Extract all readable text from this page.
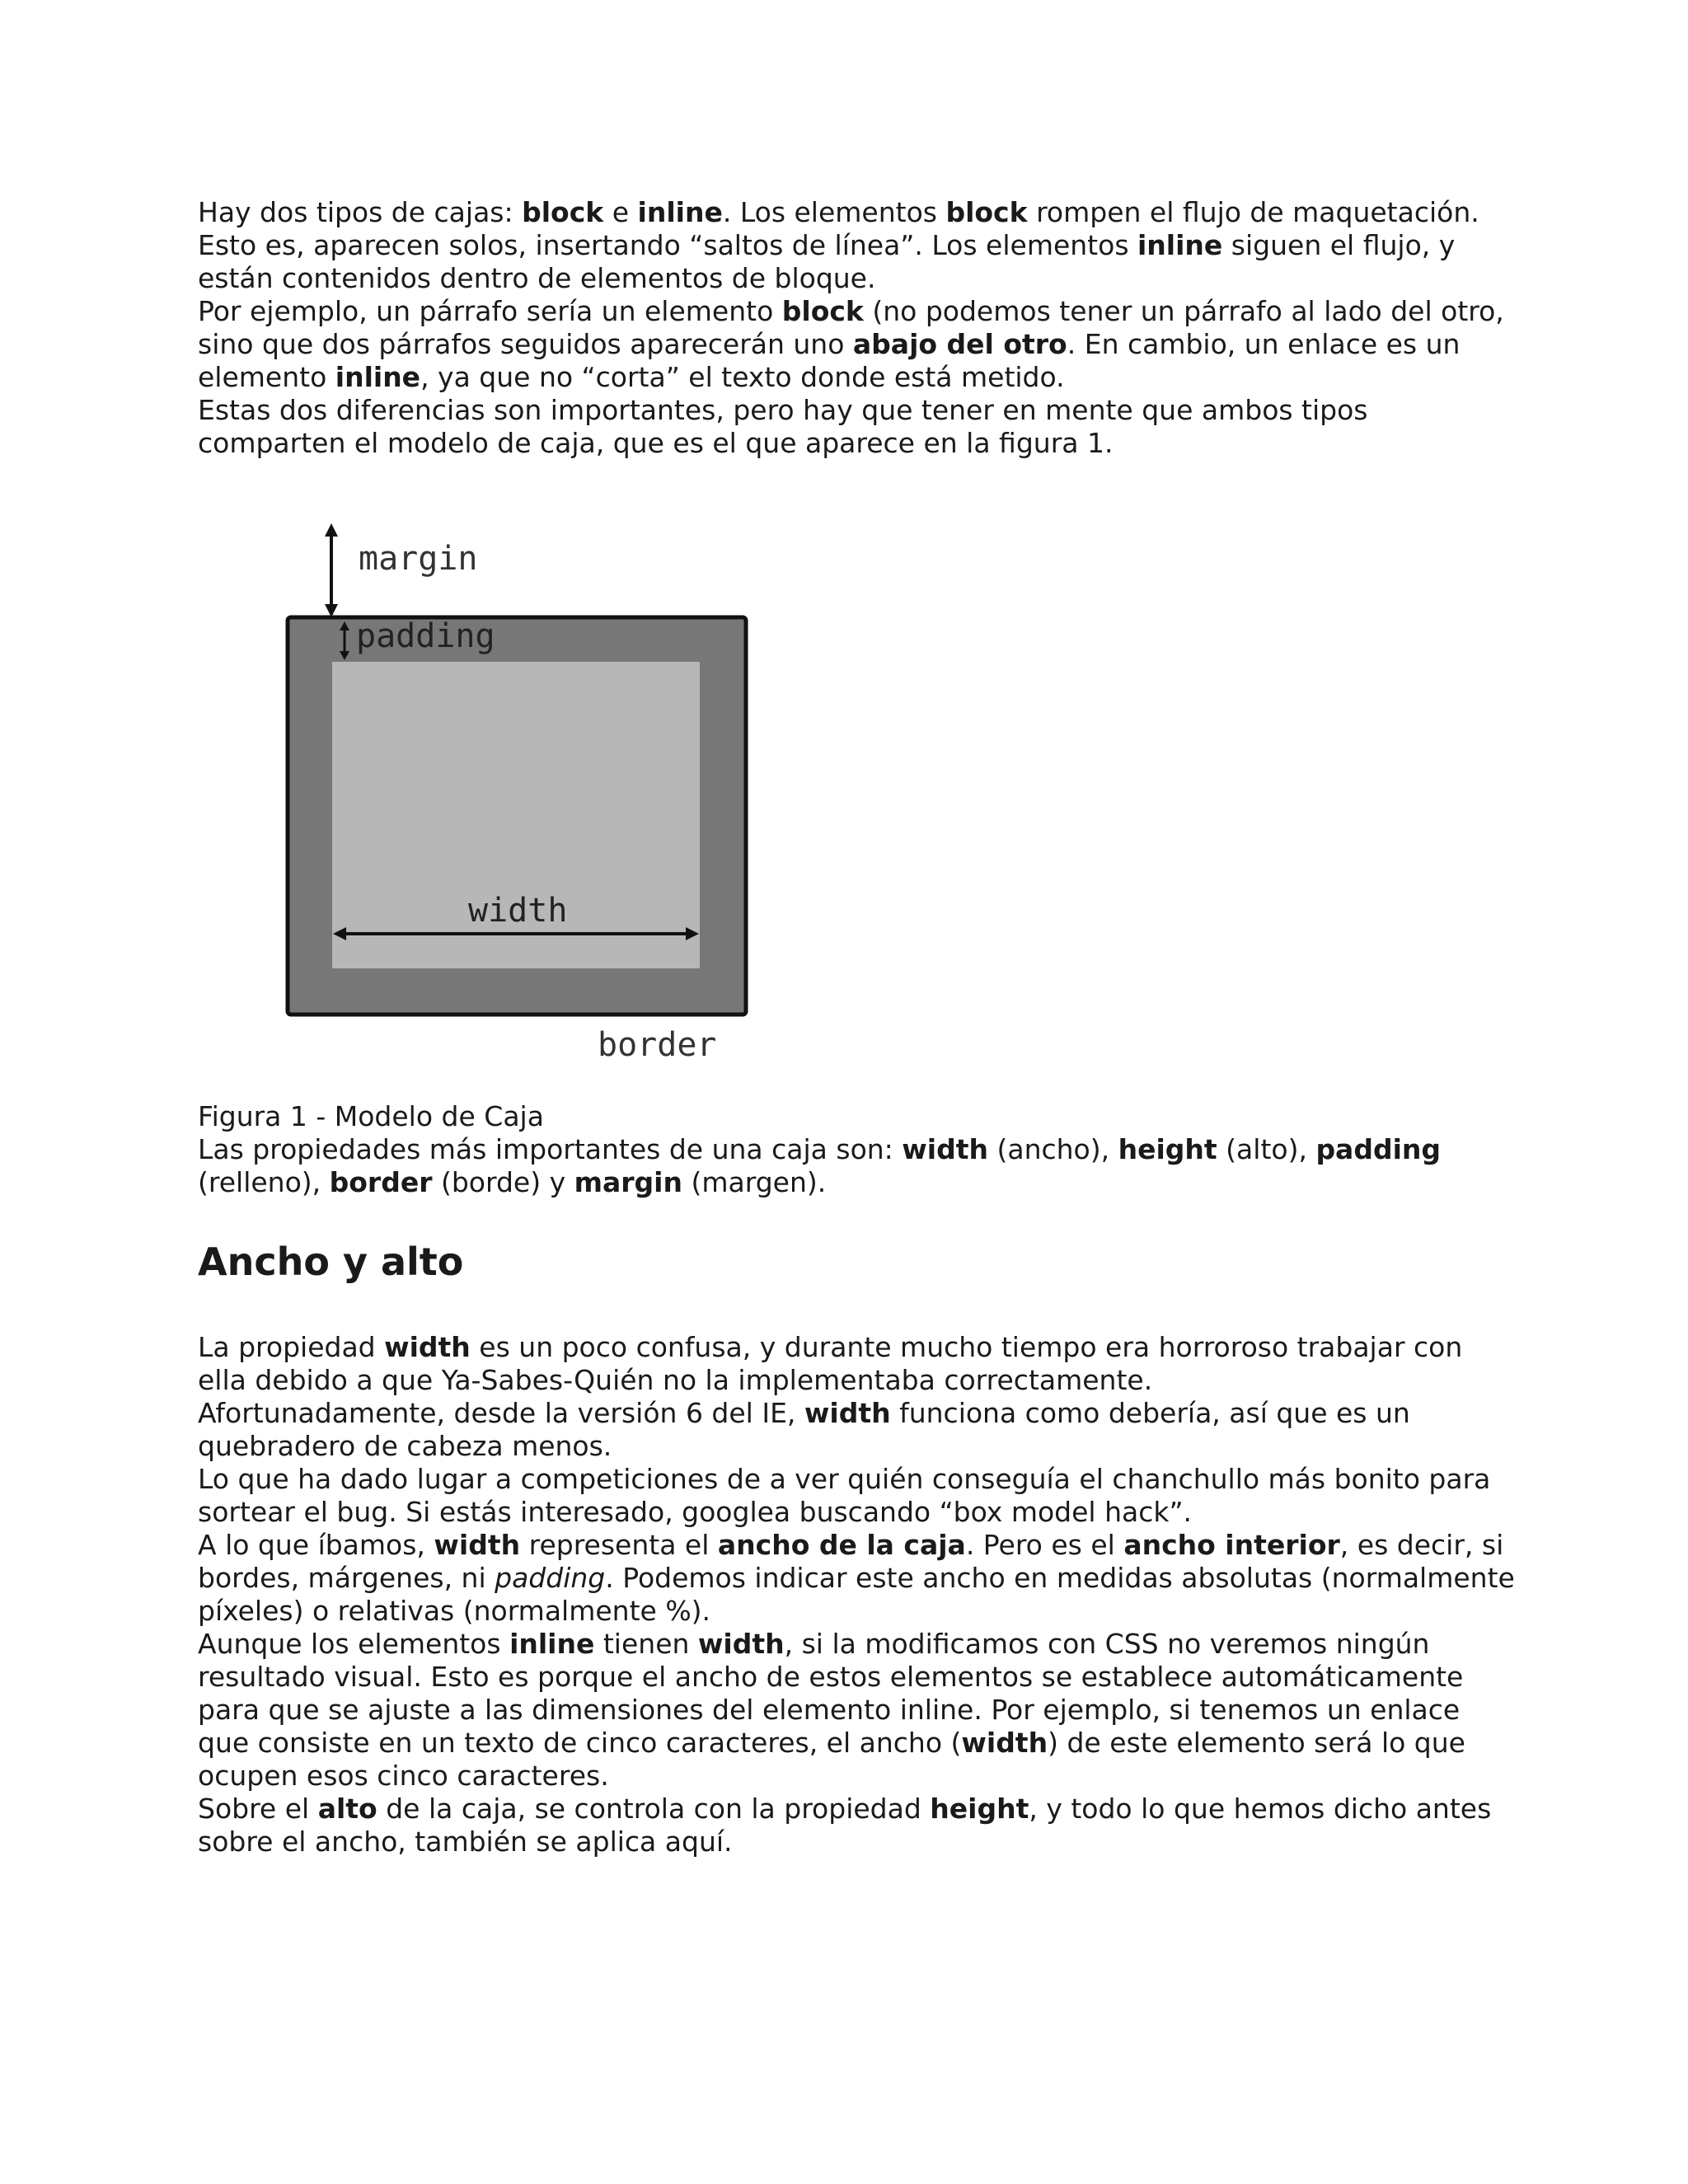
Hay dos tipos de cajas: block e inline. Los elementos block rompen el flujo de maquetación. Esto es, aparecen solos, insertando “saltos de línea”. Los elementos inline siguen el flujo, y están contenidos dentro de elementos de bloque.

Por ejemplo, un párrafo sería un elemento block (no podemos tener un párrafo al lado del otro, sino que dos párrafos seguidos aparecerán uno abajo del otro. En cambio, un enlace es un elemento inline, ya que no “corta” el texto donde está metido.

Estas dos diferencias son importantes, pero hay que tener en mente que ambos tipos comparten el modelo de caja, que es el que aparece en la figura 1.

margin
padding
width
border

Figura 1 - Modelo de Caja

Las propiedades más importantes de una caja son: width (ancho), height (alto), padding (relleno), border (borde) y margin (margen).

Ancho y alto

La propiedad width es un poco confusa, y durante mucho tiempo era horroroso trabajar con ella debido a que Ya-Sabes-Quién no la implementaba correctamente.

Afortunadamente, desde la versión 6 del IE, width funciona como debería, así que es un quebradero de cabeza menos.

Lo que ha dado lugar a competiciones de a ver quién conseguía el chanchullo más bonito para sortear el bug. Si estás interesado, googlea buscando “box model hack”.

A lo que íbamos, width representa el ancho de la caja. Pero es el ancho interior, es decir, si bordes, márgenes, ni padding. Podemos indicar este ancho en medidas absolutas (normalmente píxeles) o relativas (normalmente %).

Aunque los elementos inline tienen width, si la modificamos con CSS no veremos ningún resultado visual. Esto es porque el ancho de estos elementos se establece automáticamente para que se ajuste a las dimensiones del elemento inline. Por ejemplo, si tenemos un enlace que consiste en un texto de cinco caracteres, el ancho (width) de este elemento será lo que ocupen esos cinco caracteres.

Sobre el alto de la caja, se controla con la propiedad height, y todo lo que hemos dicho antes sobre el ancho, también se aplica aquí.
